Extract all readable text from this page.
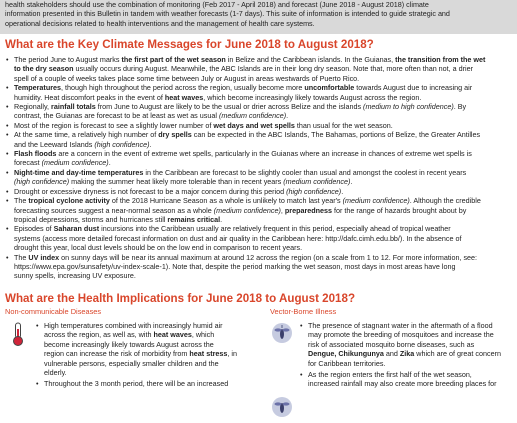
health stakeholders should use the combination of monitoring (Feb 2017 - April 2018) and forecast (June 2018 - August 2018) climate

information presented in this Bulletin in tandem with weather forecasts (1-7 days). This suite of information is intended to guide strategic and

operational decisions related to health interventions and the management of health care systems.

What are the Key Climate Messages for June 2018 to August 2018?
• The period June to August marks the first part of the wet season in Belize and the Caribbean islands. In the Guianas, the transition from the wet
to the dry season usually occurs during August. Meanwhile, the ABC Islands are in their long dry season. Note that, more often than not, a drier
spell of a couple of weeks takes place some time between July or August in areas westwards of Puerto Rico.
• Temperatures, though high throughout the period across the region, usually become more uncomfortable towards August due to increasing air
humidity. Heat discomfort peaks in the event of heat waves, which become increasingly likely towards August across the region.
• Regionally, rainfall totals from June to August are likely to be the usual or drier across Belize and the islands (medium to high confidence). By
contrast, the Guianas are forecast to be at least as wet as usual (medium confidence).
• Most of the region is forecast to see a slightly lower number of wet days and wet spells than usual for the wet season.
• At the same time, a relatively high number of dry spells can be expected in the ABC Islands, The Bahamas, portions of Belize, the Greater Antilles
and the Leeward Islands (high confidence).
• Flash floods are a concern in the event of extreme wet spells, particularly in the Guianas where an increase in chances of extreme wet spells is
forecast (medium confidence).
• Night-time and day-time temperatures in the Caribbean are forecast to be slightly cooler than usual and amongst the coolest in recent years
(high confidence) making the summer heat likely more tolerable than in recent years (medium confidence).
• Drought or excessive dryness is not forecast to be a major concern during this period (high confidence).
• The tropical cyclone activity of the 2018 Hurricane Season as a whole is unlikely to match last year's (medium confidence). Although the credible
forecasting sources suggest a near-normal season as a whole (medium confidence), preparedness for the range of hazards brought about by
tropical depressions, storms and hurricanes still remains critical.
• Episodes of Saharan dust incursions into the Caribbean usually are relatively frequent in this period, especially ahead of tropical weather
systems (access more detailed forecast information on dust and air quality in the Caribbean here: http://dafc.cimh.edu.bb/). In the absence of
drought this year, local dust levels should be on the low end in comparison to recent years.
• The UV index on sunny days will be near its annual maximum at around 12 across the region (on a scale from 1 to 12. For more information, see:
https://www.epa.gov/sunsafety/uv-index-scale-1). Note that, despite the period marking the wet season, most days in most areas have long
sunny spells, increasing UV exposure.
What are the Health Implications for June 2018 to August 2018?
Non-communicable Diseases	Vector-Borne Illness
• High temperatures combined with increasingly humid air
across the region, as well as, with heat waves, which
become increasingly likely towards August across the
region can increase the risk of morbidity from heat stress, in
vulnerable persons, especially smaller children and the
elderly.
• Throughout the 3 month period, there will be an increased
• The presence of stagnant water in the aftermath of a flood
may promote the breeding of mosquitoes and increase the
risk of associated mosquito borne diseases, such as
Dengue, Chikungunya and Zika which are of great concern
for Caribbean territories.
• As the region enters the first half of the wet season,
increased rainfall may also create more breeding places for
